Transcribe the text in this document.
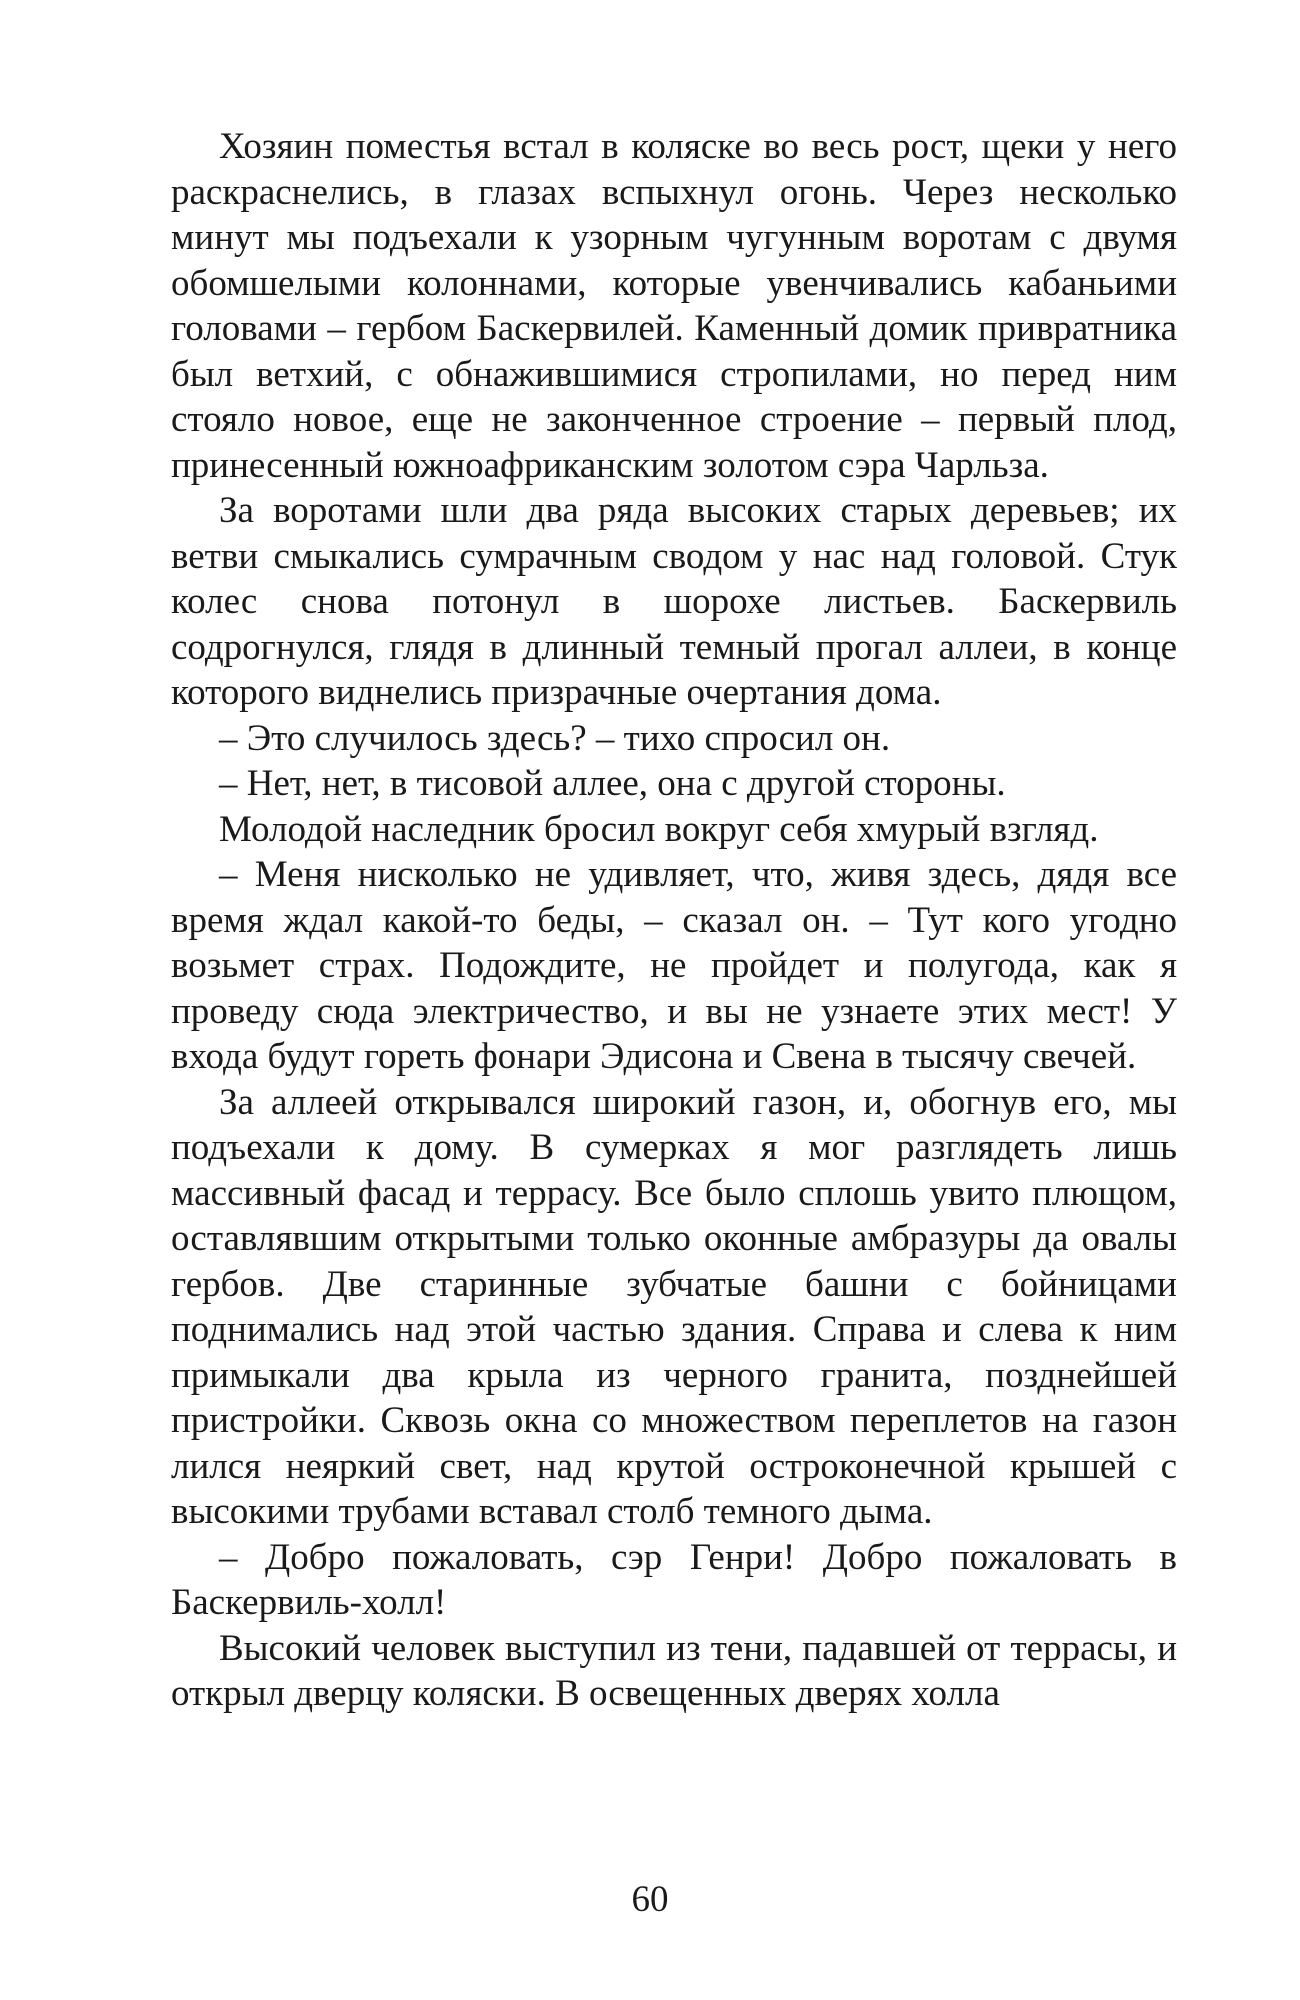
Хозяин поместья встал в коляске во весь рост, щеки у него раскраснелись, в глазах вспыхнул огонь. Через несколько минут мы подъехали к узорным чугунным воротам с двумя обомшелыми колоннами, которые увенчивались кабаньими головами – гербом Баскервилей. Каменный домик привратника был ветхий, с обнажившимися стропилами, но перед ним стояло новое, еще не законченное строение – первый плод, принесенный южноафриканским золотом сэра Чарльза.

За воротами шли два ряда высоких старых деревьев; их ветви смыкались сумрачным сводом у нас над головой. Стук колес снова потонул в шорохе листьев. Баскервиль содрогнулся, глядя в длинный темный прогал аллеи, в конце которого виднелись призрачные очертания дома.

– Это случилось здесь? – тихо спросил он.

– Нет, нет, в тисовой аллее, она с другой стороны.

Молодой наследник бросил вокруг себя хмурый взгляд.

– Меня нисколько не удивляет, что, живя здесь, дядя все время ждал какой-то беды, – сказал он. – Тут кого угодно возьмет страх. Подождите, не пройдет и полугода, как я проведу сюда электричество, и вы не узнаете этих мест! У входа будут гореть фонари Эдисона и Свена в тысячу свечей.

За аллеей открывался широкий газон, и, обогнув его, мы подъехали к дому. В сумерках я мог разглядеть лишь массивный фасад и террасу. Все было сплошь увито плющом, оставлявшим открытыми только оконные амбразуры да овалы гербов. Две старинные зубчатые башни с бойницами поднимались над этой частью здания. Справа и слева к ним примыкали два крыла из черного гранита, позднейшей пристройки. Сквозь окна со множеством переплетов на газон лился неяркий свет, над крутой остроконечной крышей с высокими трубами вставал столб темного дыма.

– Добро пожаловать, сэр Генри! Добро пожаловать в Баскервиль-холл!

Высокий человек выступил из тени, падавшей от террасы, и открыл дверцу коляски. В освещенных дверях холла

60
